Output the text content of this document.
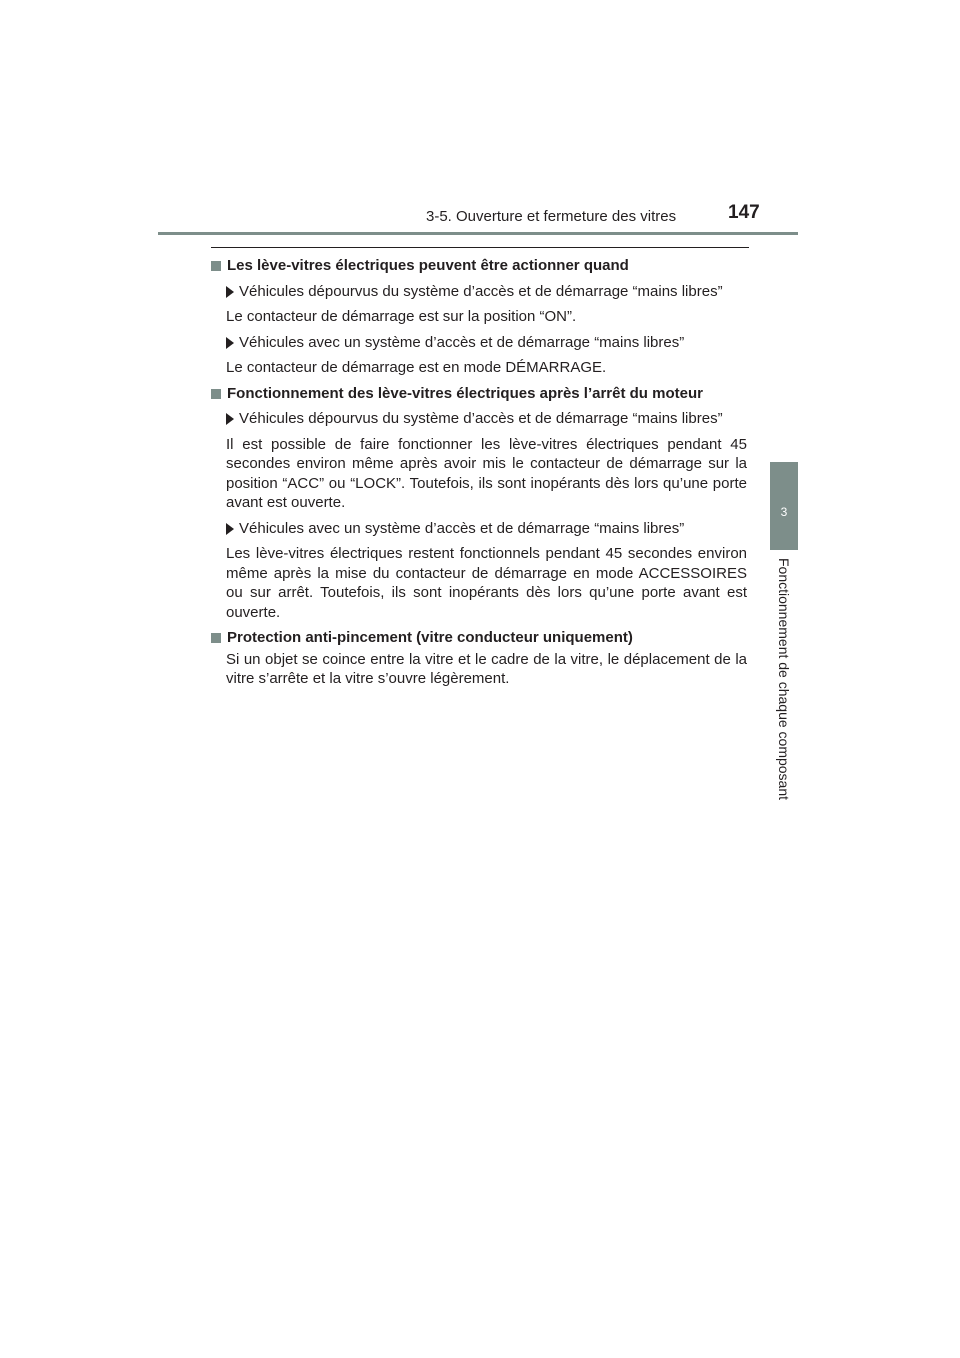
3-5. Ouverture et fermeture des vitres	147
3
Fonctionnement de chaque composant
Les lève-vitres électriques peuvent être actionner quand
Véhicules dépourvus du système d’accès et de démarrage “mains libres”
Le contacteur de démarrage est sur la position “ON”.
Véhicules avec un système d’accès et de démarrage “mains libres”
Le contacteur de démarrage est en mode DÉMARRAGE.
Fonctionnement des lève-vitres électriques après l’arrêt du moteur
Véhicules dépourvus du système d’accès et de démarrage “mains libres”
Il est possible de faire fonctionner les lève-vitres électriques pendant 45 secondes environ même après avoir mis le contacteur de démarrage sur la position “ACC” ou “LOCK”. Toutefois, ils sont inopérants dès lors qu’une porte avant est ouverte.
Véhicules avec un système d’accès et de démarrage “mains libres”
Les lève-vitres électriques restent fonctionnels pendant 45 secondes environ même après la mise du contacteur de démarrage en mode ACCESSOIRES ou sur arrêt. Toutefois, ils sont inopérants dès lors qu’une porte avant est ouverte.
Protection anti-pincement (vitre conducteur uniquement)
Si un objet se coince entre la vitre et le cadre de la vitre, le déplacement de la vitre s’arrête et la vitre s’ouvre légèrement.
